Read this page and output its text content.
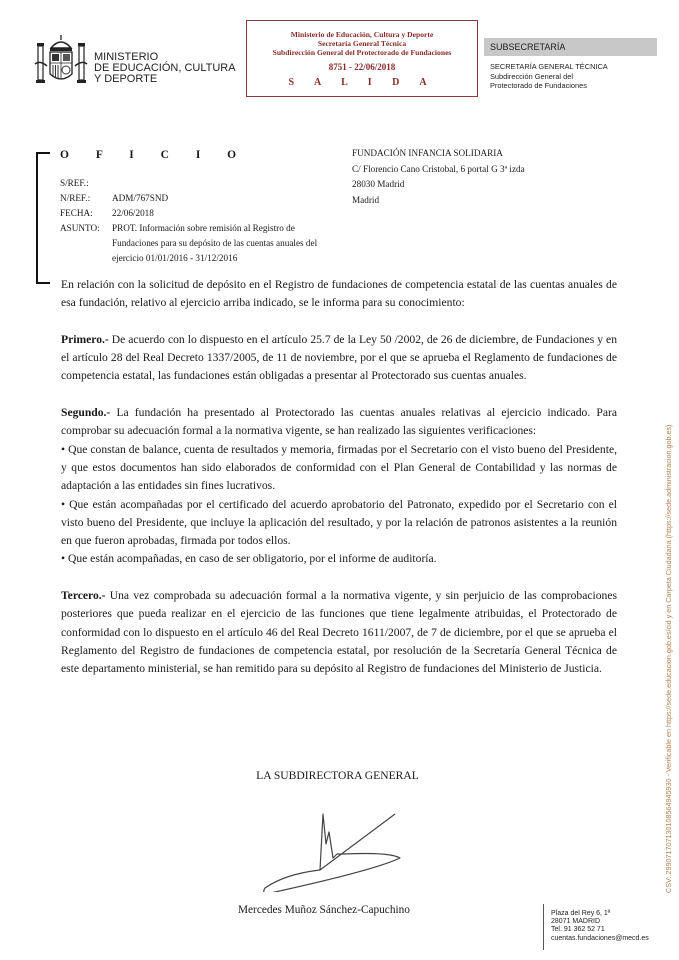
MINISTERIO
DE EDUCACIÓN, CULTURA
Y DEPORTE
Ministerio de Educación, Cultura y Deporte
Secretaría General Técnica
Subdirección General del Protectorado de Fundaciones
8751 - 22/06/2018
S A L I D A
SUBSECRETARÍA
SECRETARÍA GENERAL TÉCNICA
Subdirección General del
Protectorado de Fundaciones
O F I C I O
S/REF.:
N/REF.:	ADM/767SND
FECHA:	22/06/2018
ASUNTO:	PROT. Información sobre remisión al Registro de Fundaciones para su depósito de las cuentas anuales del ejercicio 01/01/2016 - 31/12/2016
FUNDACIÓN INFANCIA SOLIDARIA
C/ Florencio Cano Cristobal, 6 portal G 3ª izda
28030 Madrid
Madrid

En relación con la solicitud de depósito en el Registro de fundaciones de competencia estatal de las cuentas anuales de esa fundación, relativo al ejercicio arriba indicado, se le informa para su conocimiento:

Primero.- De acuerdo con lo dispuesto en el artículo 25.7 de la Ley 50 /2002, de 26 de diciembre, de Fundaciones y en el artículo 28 del Real Decreto 1337/2005, de 11 de noviembre, por el que se aprueba el Reglamento de fundaciones de competencia estatal, las fundaciones están obligadas a presentar al Protectorado sus cuentas anuales.

Segundo.- La fundación ha presentado al Protectorado las cuentas anuales relativas al ejercicio indicado. Para comprobar su adecuación formal a la normativa vigente, se han realizado las siguientes verificaciones:

• Que constan de balance, cuenta de resultados y memoria, firmadas por el Secretario con el visto bueno del Presidente, y que estos documentos han sido elaborados de conformidad con el Plan General de Contabilidad y las normas de adaptación a las entidades sin fines lucrativos.

• Que están acompañadas por el certificado del acuerdo aprobatorio del Patronato, expedido por el Secretario con el visto bueno del Presidente, que incluye la aplicación del resultado, y por la relación de patronos asistentes a la reunión en que fueron aprobadas, firmada por todos ellos.

• Que están acompañadas, en caso de ser obligatorio, por el informe de auditoría.

Tercero.- Una vez comprobada su adecuación formal a la normativa vigente, y sin perjuicio de las comprobaciones posteriores que pueda realizar en el ejercicio de las funciones que tiene legalmente atribuidas, el Protectorado de conformidad con lo dispuesto en el artículo 46 del Real Decreto 1611/2007, de 7 de diciembre, por el que se aprueba el Reglamento del Registro de fundaciones de competencia estatal, por resolución de la Secretaría General Técnica de este departamento ministerial, se han remitido para su depósito al Registro de fundaciones del Ministerio de Justicia.

LA SUBDIRECTORA GENERAL
Mercedes Muñoz Sánchez-Capuchino	Plaza del Rey 6, 1ª
28071 MADRID
Tel. 91 362 52 71
cuentas.fundaciones@mecd.es
CSV: 299071707130108564945930 - Verificable en https://sede.educacion.gob.es/cid y en Carpeta Ciudadana (https://sede.administracion.gob.es)
